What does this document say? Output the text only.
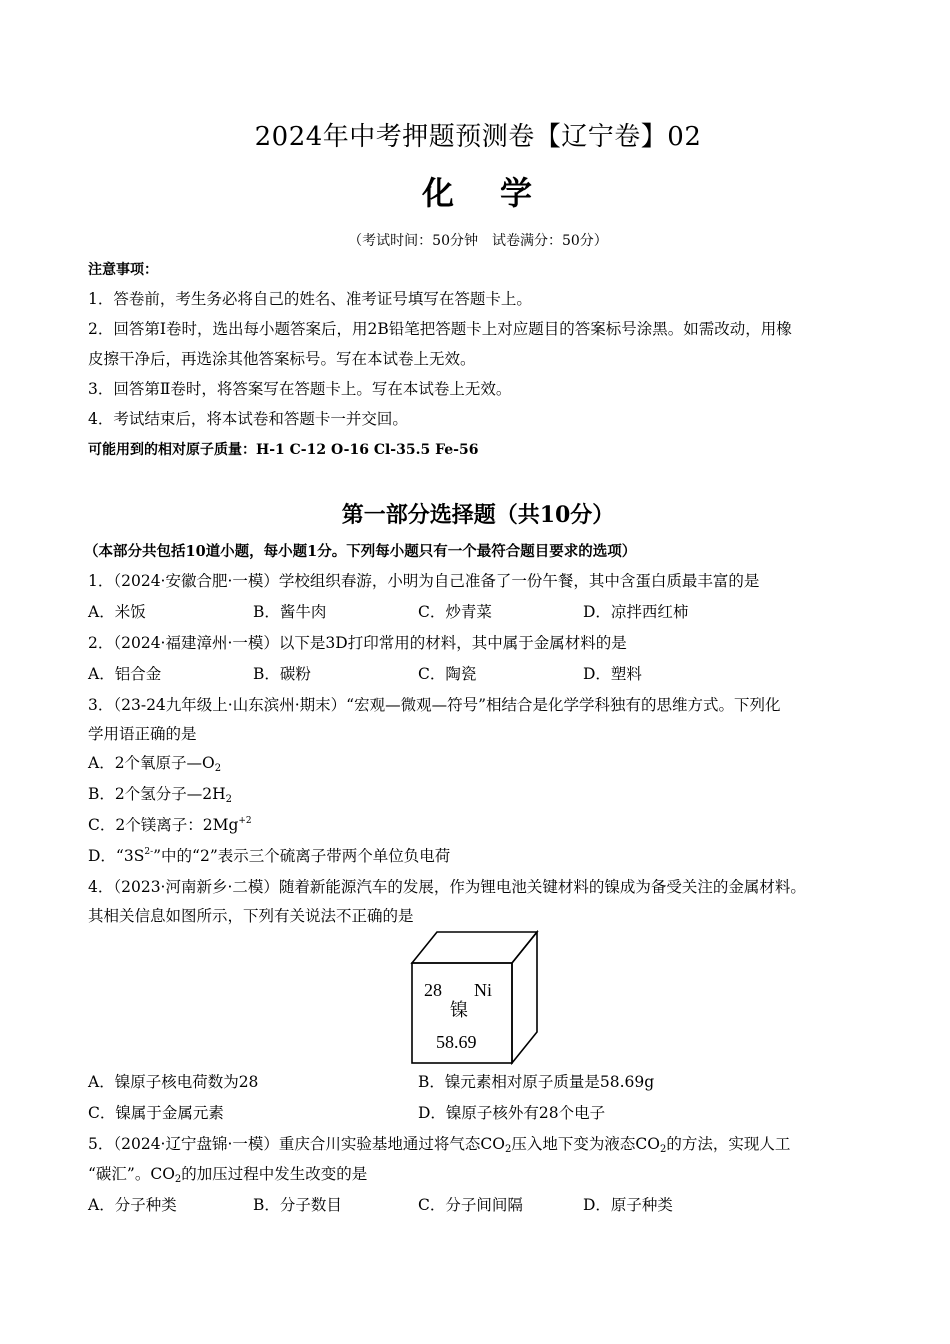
2024年中考押题预测卷【辽宁卷】02
化 学
（考试时间：50分钟　试卷满分：50分）
注意事项：
1．答卷前，考生务必将自己的姓名、准考证号填写在答题卡上。
2．回答第Ⅰ卷时，选出每小题答案后，用2B铅笔把答题卡上对应题目的答案标号涂黑。如需改动，用橡
皮擦干净后，再选涂其他答案标号。写在本试卷上无效。
3．回答第Ⅱ卷时，将答案写在答题卡上。写在本试卷上无效。
4．考试结束后，将本试卷和答题卡一并交回。
可能用到的相对原子质量：H-1 C-12 O-16 Cl-35.5 Fe-56
第一部分选择题（共10分）
（本部分共包括10道小题，每小题1分。下列每小题只有一个最符合题目要求的选项）
1．（2024·安徽合肥·一模）学校组织春游，小明为自己准备了一份午餐，其中含蛋白质最丰富的是
A．米饭	B．酱牛肉	C．炒青菜	D．凉拌西红柿
2．（2024·福建漳州·一模）以下是3D打印常用的材料，其中属于金属材料的是
A．铝合金	B．碳粉	C．陶瓷	D．塑料
3．（23-24九年级上·山东滨州·期末）“宏观—微观—符号”相结合是化学学科独有的思维方式。下列化
学用语正确的是
A．2个氧原子$—O_2$
B．2个氢分子$—2H_2$
C．2个镁离子：$2Mg^{+2}$
D．“$3S^{2-}$”中的“2”表示三个硫离子带两个单位负电荷
4．（2023·河南新乡·二模）随着新能源汽车的发展，作为锂电池关键材料的镍成为备受关注的金属材料。
其相关信息如图所示，下列有关说法不正确的是
28 Ni
镍
58.69
A．镍原子核电荷数为28	B．镍元素相对原子质量是58.69g
C．镍属于金属元素	D．镍原子核外有28个电子
5．（2024·辽宁盘锦·一模）重庆合川实验基地通过将气态$CO_2$压入地下变为液态$CO_2$的方法，实现人工
“碳汇”。$CO_2$的加压过程中发生改变的是
A．分子种类	B．分子数目	C．分子间间隔	D．原子种类
